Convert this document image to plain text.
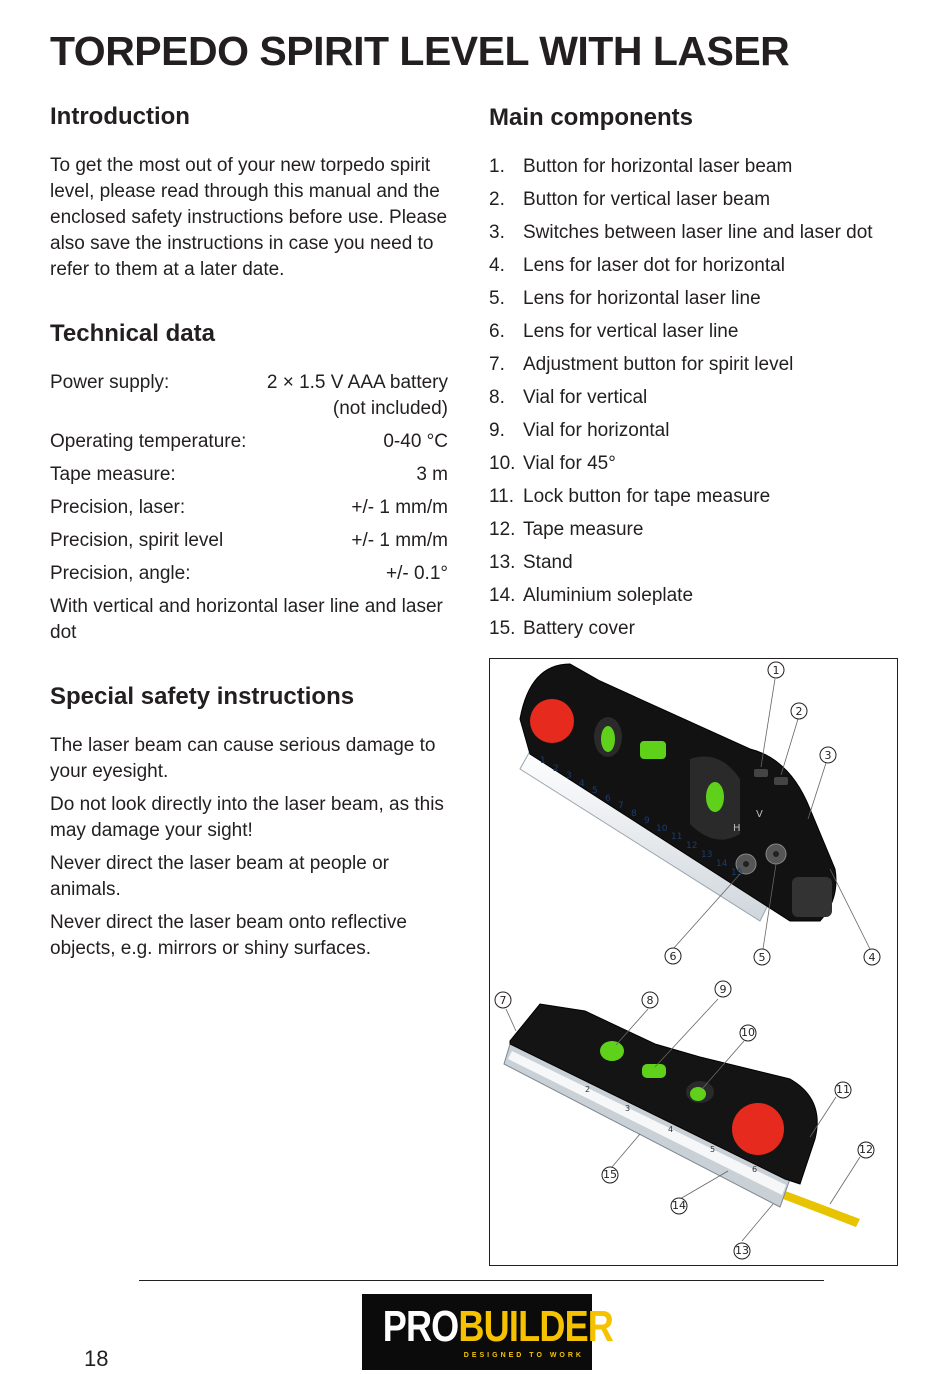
TORPEDO SPIRIT LEVEL WITH LASER
Introduction

To get the most out of your new torpedo spirit level, please read through this manual and the enclosed safety instructions before use. Please also save the instructions in case you need to refer to them at a later date.

Technical data
Power supply:	2 × 1.5 V AAA battery
(not included)
Operating temperature:	0-40 °C
Tape measure:	3 m
Precision, laser:	+/- 1 mm/m
Precision, spirit level	+/- 1 mm/m
Precision, angle:	+/- 0.1°
With vertical and horizontal laser line and laser dot
Special safety instructions

The laser beam can cause serious damage to your eyesight.

Do not look directly into the laser beam, as this may damage your sight!

Never direct the laser beam at people or animals.

Never direct the laser beam onto reflective objects, e.g. mirrors or shiny surfaces.

Main components
1. Button for horizontal laser beam
2. Button for vertical laser beam
3. Switches between laser line and laser dot
4. Lens for laser dot for horizontal
5. Lens for horizontal laser line
6. Lens for vertical laser line
7. Adjustment button for spirit level
8. Vial for vertical
9. Vial for horizontal
10. Vial for 45°
11. Lock button for tape measure
12. Tape measure
13. Stand
14. Aluminium soleplate
15. Battery cover
H
V
1
2
3
4
5
6
7
8
9
10
11
12
13
14
15
2
3
4
5
6
1
2
3
4
5
6
7	8
9
10
11
12
13
14
15
18
PROBUILDER
DESIGNED TO WORK
